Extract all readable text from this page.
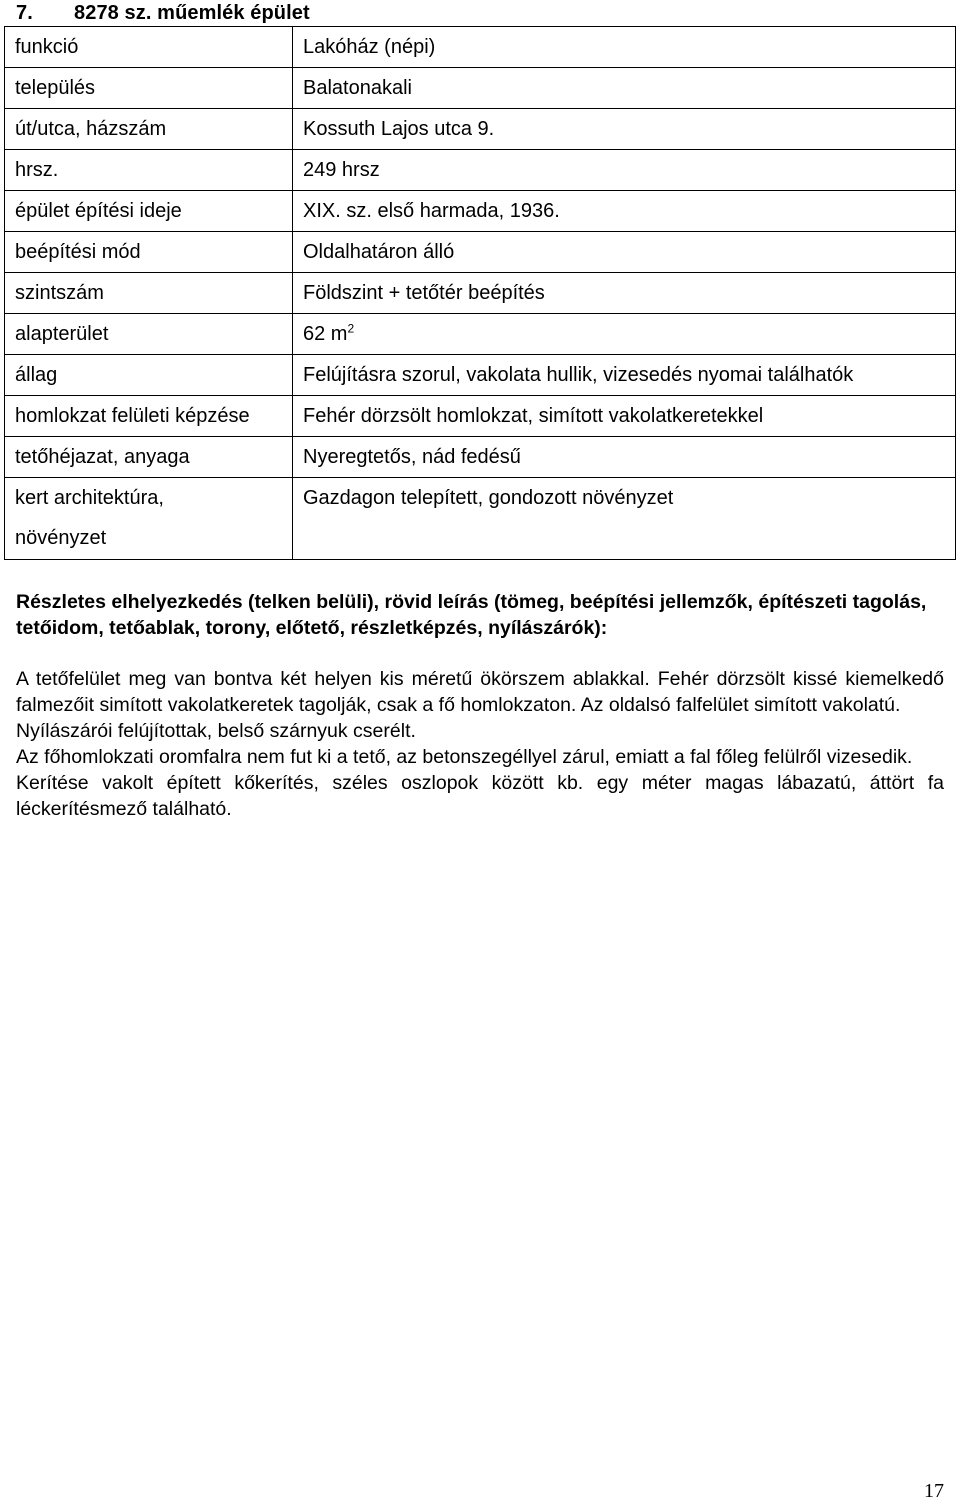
7. 8278 sz. műemlék épület
funkció	Lakóház (népi)
település	Balatonakali
út/utca, házszám	Kossuth Lajos utca 9.
hrsz.	249 hrsz
épület építési ideje	XIX. sz. első harmada, 1936.
beépítési mód	Oldalhatáron álló
szintszám	Földszint + tetőtér beépítés
alapterület	62 $m^2$
állag	Felújításra szorul, vakolata hullik, vizesedés nyomai találhatók
homlokzat felületi képzése	Fehér dörzsölt homlokzat, simított vakolatkeretekkel
tetőhéjazat, anyaga	Nyeregtetős, nád fedésű

kert architektúra,
növényzet	Gazdagon telepített, gondozott növényzet
Részletes elhelyezkedés (telken belüli), rövid leírás (tömeg, beépítési jellemzők, építészeti tagolás, tetőidom, tetőablak, torony, előtető, részletképzés, nyílászárók):

A tetőfelület meg van bontva két helyen kis méretű ökörszem ablakkal. Fehér dörzsölt kissé kiemelkedő falmezőit simított vakolatkeretek tagolják, csak a fő homlokzaton. Az oldalsó falfelület simított vakolatú.

Nyílászárói felújítottak, belső szárnyuk cserélt.

Az főhomlokzati oromfalra nem fut ki a tető, az betonszegéllyel zárul, emiatt a fal főleg felülről vizesedik.

Kerítése vakolt épített kőkerítés, széles oszlopok között kb. egy méter magas lábazatú, áttört fa léckerítésmező található.

17
